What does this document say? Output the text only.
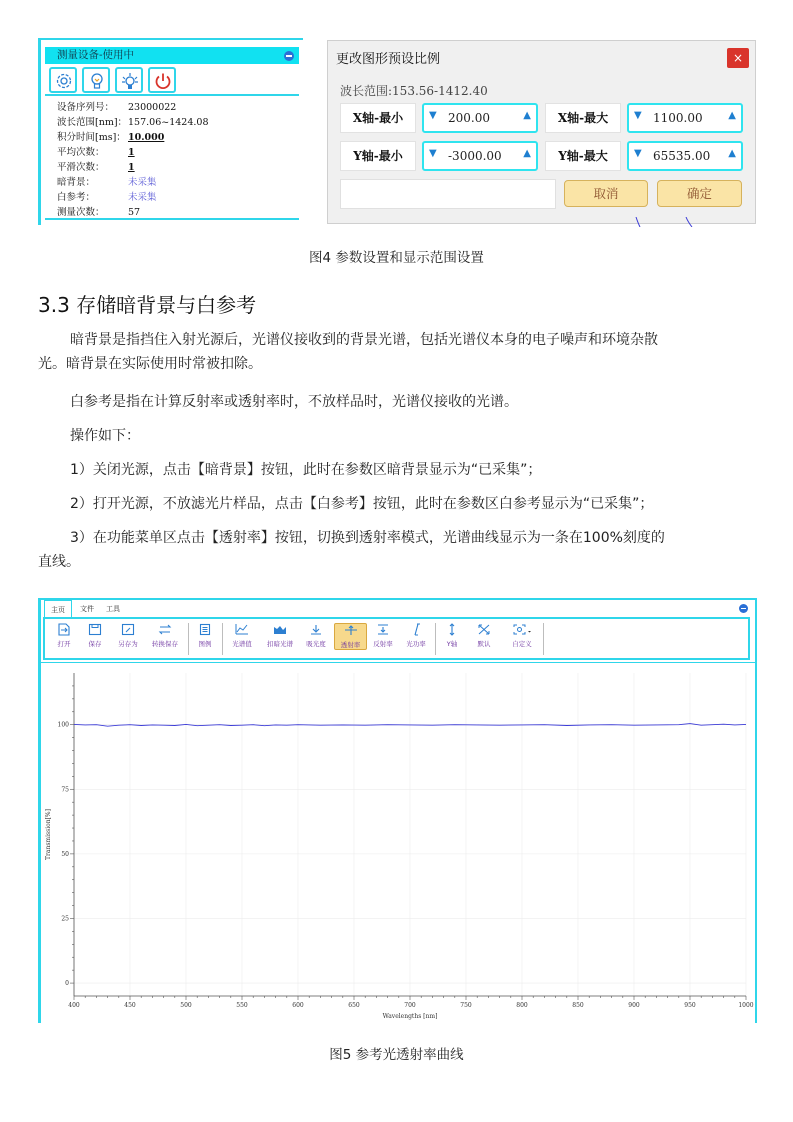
测量设备-使用中
设备序列号： 23000022
波长范围[nm]：157.06~1424.08
积分时间[ms]： 10.000
平均次数： 1
平滑次数： 1
暗背景：	未采集
白参考：	未采集
测量次数： 57
更改图形预设比例	×
波长范围:153.56-1412.40
X轴-最小	▼ 200.00	▲	X轴-最大	▼ 1100.00	▲
Y轴-最小	▼ -3000.00 ▲	Y轴-最大	▼ 65535.00 ▲
取消	确定
图4 参数设置和显示范围设置
3.3 存储暗背景与白参考
暗背景是指挡住入射光源后，光谱仪接收到的背景光谱，包括光谱仪本身的电子噪声和环境杂散
光。暗背景在实际使用时常被扣除。
白参考是指在计算反射率或透射率时，不放样品时，光谱仪接收的光谱。
操作如下：
1）关闭光源，点击【暗背景】按钮，此时在参数区暗背景显示为“已采集”；
2）打开光源，不放滤光片样品，点击【白参考】按钮，此时在参数区白参考显示为“已采集”；
3）在功能菜单区点击【透射率】按钮，切换到透射率模式，光谱曲线显示为一条在100%刻度的
直线。
主页	文件	工具
打开	保存	另存为	转换保存	图例	光谱值	扣暗光谱	吸光度	透射率	反射率	光功率	Y轴	默认	自定义
400	450	500	550	600	650	700	750	800	850	900	950	1000
0
25
50
75
100
Wavelengths [nm]
Transmission[%]
图5 参考光透射率曲线
